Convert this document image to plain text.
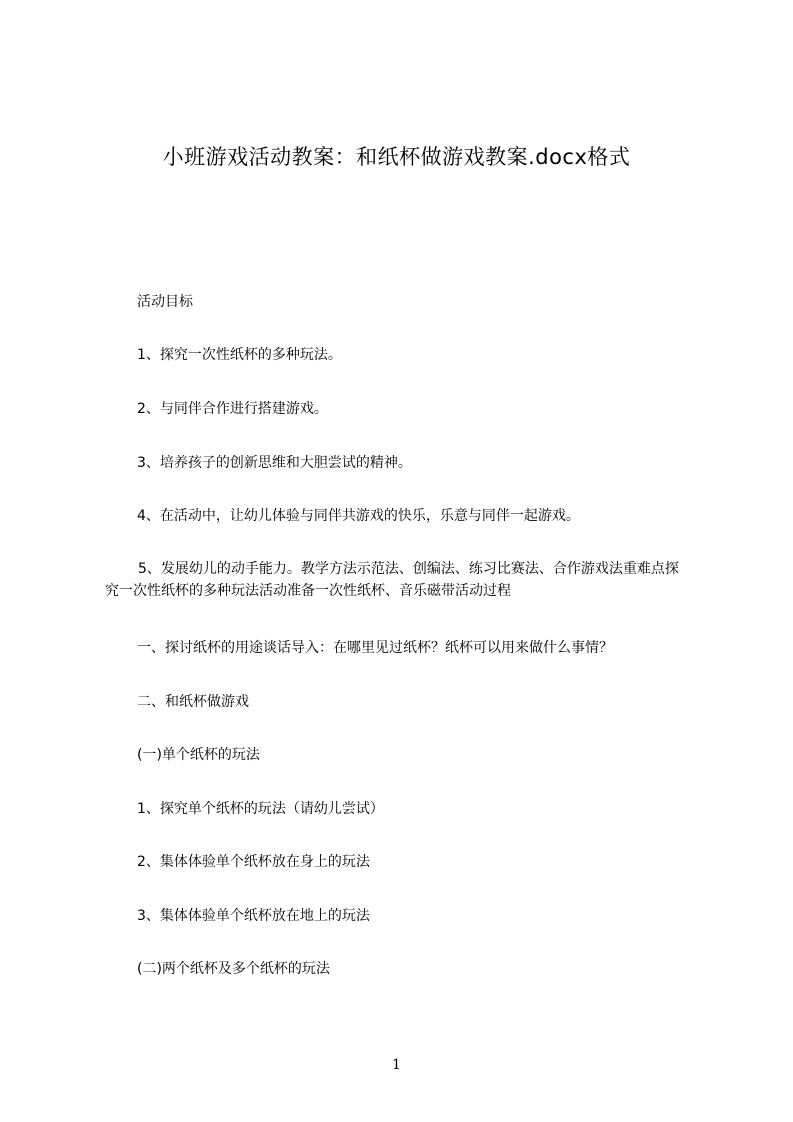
小班游戏活动教案：和纸杯做游戏教案.docx格式
活动目标
1、探究一次性纸杯的多种玩法。
2、与同伴合作进行搭建游戏。
3、培养孩子的创新思维和大胆尝试的精神。
4、在活动中，让幼儿体验与同伴共游戏的快乐，乐意与同伴一起游戏。
5、发展幼儿的动手能力。教学方法示范法、创编法、练习比赛法、合作游戏法重难点探究一次性纸杯的多种玩法活动准备一次性纸杯、音乐磁带活动过程
一、探讨纸杯的用途谈话导入：在哪里见过纸杯？纸杯可以用来做什么事情？
二、和纸杯做游戏
(一)单个纸杯的玩法
1、探究单个纸杯的玩法（请幼儿尝试）
2、集体体验单个纸杯放在身上的玩法
3、集体体验单个纸杯放在地上的玩法
(二)两个纸杯及多个纸杯的玩法
1
